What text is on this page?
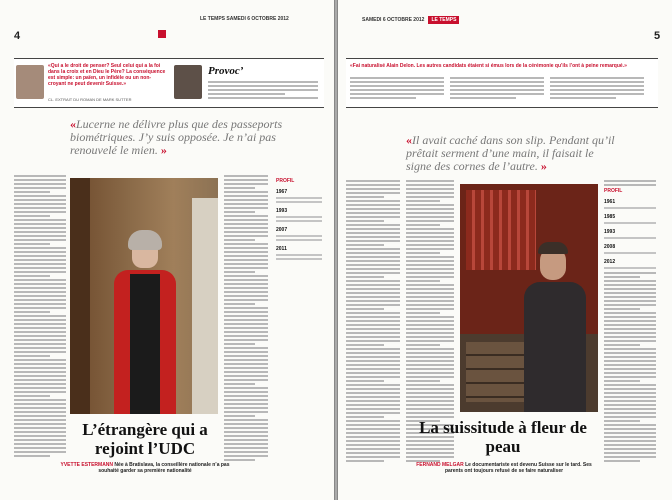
LE TEMPS SAMEDI 6 OCTOBRE 2012
4
«Qui a le droit de penser? Seul celui qui a la foi dans la croix et en Dieu le Père? La conséquence est simple: un païen, un infidèle ou un non-croyant ne peut devenir Suisse.»
CL. EXTRAIT DU ROMAN DE MARK SUTTER
Provoc’
«Lucerne ne délivre plus que des passeports biométriques. J’y suis opposée. Je n’ai pas renouvelé le mien. »
PROFIL
1967
1993
2007
2011
L’étrangère qui a rejoint l’UDC
YVETTE ESTERMANN Née à Bratislava, la conseillère nationale n’a pas souhaité garder sa première nationalité
SAMEDI 6 OCTOBRE 2012 LE TEMPS
5
«Fai naturalisé Alain Delon. Les autres candidats étaient si émus lors de la cérémonie qu’ils l’ont à peine remarqué.»
«Il avait caché dans son slip. Pendant qu’il prêtait serment d’une main, il faisait le signe des cornes de l’autre. »
PROFIL
1961
1985
1993
2008
2012
La suissitude à fleur de peau
FERNAND MELGAR Le documentariste est devenu Suisse sur le tard. Ses parents ont toujours refusé de se faire naturaliser
